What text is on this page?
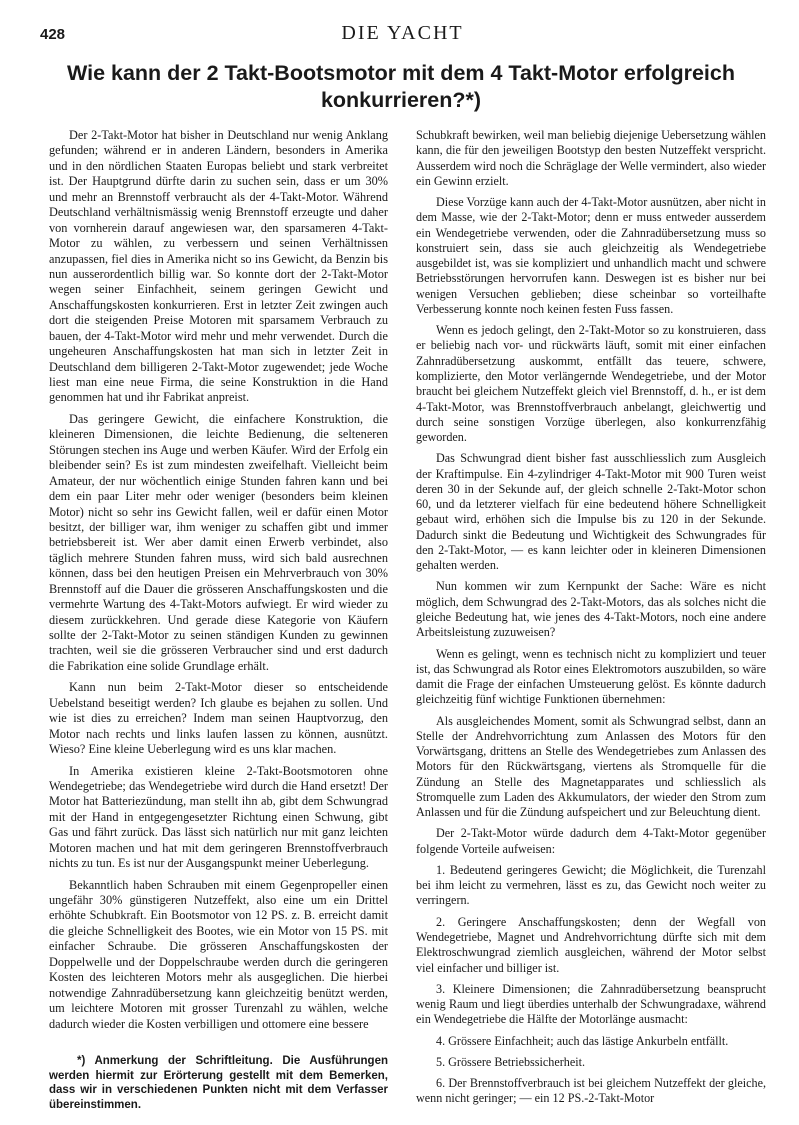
428	DIE YACHT
Wie kann der 2 Takt-Bootsmotor mit dem 4 Takt-Motor erfolgreich konkurrieren?*)

Der 2-Takt-Motor hat bisher in Deutschland nur wenig Anklang gefunden; während er in anderen Ländern, besonders in Amerika und in den nördlichen Staaten Europas beliebt und stark verbreitet ist. Der Hauptgrund dürfte darin zu suchen sein, dass er um 30% und mehr an Brennstoff verbraucht als der 4-Takt-Motor. Während Deutschland verhältnismässig wenig Brennstoff erzeugte und daher von vornherein darauf angewiesen war, den sparsameren 4-Takt-Motor zu wählen, zu verbessern und seinen Verhältnissen anzupassen, fiel dies in Amerika nicht so ins Gewicht, da Benzin bis nun ausserordentlich billig war. So konnte dort der 2-Takt-Motor wegen seiner Einfachheit, seinem geringen Gewicht und Anschaffungskosten konkurrieren. Erst in letzter Zeit zwingen auch dort die steigenden Preise Motoren mit sparsamem Verbrauch zu bauen, der 4-Takt-Motor wird mehr und mehr verwendet. Durch die ungeheuren Anschaffungskosten hat man sich in letzter Zeit in Deutschland dem billigeren 2-Takt-Motor zugewendet; jede Woche liest man eine neue Firma, die seine Konstruktion in die Hand genommen hat und ihr Fabrikat anpreist.

Das geringere Gewicht, die einfachere Konstruktion, die kleineren Dimensionen, die leichte Bedienung, die selteneren Störungen stechen ins Auge und werben Käufer. Wird der Erfolg ein bleibender sein? Es ist zum mindesten zweifelhaft. Vielleicht beim Amateur, der nur wöchentlich einige Stunden fahren kann und bei dem ein paar Liter mehr oder weniger (besonders beim kleinen Motor) nicht so sehr ins Gewicht fallen, weil er dafür einen Motor besitzt, der billiger war, ihm weniger zu schaffen gibt und immer betriebsbereit ist. Wer aber damit einen Erwerb verbindet, also täglich mehrere Stunden fahren muss, wird sich bald ausrechnen können, dass bei den heutigen Preisen ein Mehrverbrauch von 30% Brennstoff auf die Dauer die grösseren Anschaffungskosten und die vermehrte Wartung des 4-Takt-Motors aufwiegt. Er wird wieder zu diesem zurückkehren. Und gerade diese Kategorie von Käufern sollte der 2-Takt-Motor zu seinen ständigen Kunden zu gewinnen trachten, weil sie die grösseren Verbraucher sind und erst dadurch die Fabrikation eine solide Grundlage erhält.

Kann nun beim 2-Takt-Motor dieser so entscheidende Uebelstand beseitigt werden? Ich glaube es bejahen zu sollen. Und wie ist dies zu erreichen? Indem man seinen Hauptvorzug, den Motor nach rechts und links laufen lassen zu können, ausnützt. Wieso? Eine kleine Ueberlegung wird es uns klar machen.

In Amerika existieren kleine 2-Takt-Bootsmotoren ohne Wendegetriebe; das Wendegetriebe wird durch die Hand ersetzt! Der Motor hat Batteriezündung, man stellt ihn ab, gibt dem Schwungrad mit der Hand in entgegengesetzter Richtung einen Schwung, gibt Gas und fährt zurück. Das lässt sich natürlich nur mit ganz leichten Motoren machen und hat mit dem geringeren Brennstoffverbrauch nichts zu tun. Es ist nur der Ausgangspunkt meiner Ueberlegung.

Bekanntlich haben Schrauben mit einem Gegenpropeller einen ungefähr 30% günstigeren Nutzeffekt, also eine um ein Drittel erhöhte Schubkraft. Ein Bootsmotor von 12 PS. z. B. erreicht damit die gleiche Schnelligkeit des Bootes, wie ein Motor von 15 PS. mit einfacher Schraube. Die grösseren Anschaffungskosten der Doppelwelle und der Doppelschraube werden durch die geringeren Kosten des leichteren Motors mehr als ausgeglichen. Die hierbei notwendige Zahnradübersetzung kann gleichzeitig benützt werden, um leichtere Motoren mit grosser Turenzahl zu wählen, welche dadurch wieder die Kosten verbilligen und ottomere eine bessere

Schubkraft bewirken, weil man beliebig diejenige Uebersetzung wählen kann, die für den jeweiligen Bootstyp den besten Nutzeffekt verspricht. Ausserdem wird noch die Schräglage der Welle vermindert, also wieder ein Gewinn erzielt.

Diese Vorzüge kann auch der 4-Takt-Motor ausnützen, aber nicht in dem Masse, wie der 2-Takt-Motor; denn er muss entweder ausserdem ein Wendegetriebe verwenden, oder die Zahnradübersetzung muss so konstruiert sein, dass sie auch gleichzeitig als Wendegetriebe ausgebildet ist, was sie kompliziert und unhandlich macht und schwere Betriebsstörungen hervorrufen kann. Deswegen ist es bisher nur bei wenigen Versuchen geblieben; diese scheinbar so vorteilhafte Verbesserung konnte noch keinen festen Fuss fassen.

Wenn es jedoch gelingt, den 2-Takt-Motor so zu konstruieren, dass er beliebig nach vor- und rückwärts läuft, somit mit einer einfachen Zahnradübersetzung auskommt, entfällt das teuere, schwere, komplizierte, den Motor verlängernde Wendegetriebe, und der Motor braucht bei gleichem Nutzeffekt gleich viel Brennstoff, d. h., er ist dem 4-Takt-Motor, was Brennstoffverbrauch anbelangt, gleichwertig und durch seine sonstigen Vorzüge überlegen, also konkurrenzfähig geworden.

Das Schwungrad dient bisher fast ausschliesslich zum Ausgleich der Kraftimpulse. Ein 4-zylindriger 4-Takt-Motor mit 900 Turen weist deren 30 in der Sekunde auf, der gleich schnelle 2-Takt-Motor schon 60, und da letzterer vielfach für eine bedeutend höhere Schnelligkeit gebaut wird, erhöhen sich die Impulse bis zu 120 in der Sekunde. Dadurch sinkt die Bedeutung und Wichtigkeit des Schwungrades für den 2-Takt-Motor, — es kann leichter oder in kleineren Dimensionen gehalten werden.

Nun kommen wir zum Kernpunkt der Sache: Wäre es nicht möglich, dem Schwungrad des 2-Takt-Motors, das als solches nicht die gleiche Bedeutung hat, wie jenes des 4-Takt-Motors, noch eine andere Arbeitsleistung zuzuweisen?

Wenn es gelingt, wenn es technisch nicht zu kompliziert und teuer ist, das Schwungrad als Rotor eines Elektromotors auszubilden, so wäre damit die Frage der einfachen Umsteuerung gelöst. Es könnte dadurch gleichzeitig fünf wichtige Funktionen übernehmen:

Als ausgleichendes Moment, somit als Schwungrad selbst, dann an Stelle der Andrehvorrichtung zum Anlassen des Motors für den Vorwärtsgang, drittens an Stelle des Wendegetriebes zum Anlassen des Motors für den Rückwärtsgang, viertens als Stromquelle für die Zündung an Stelle des Magnetapparates und schliesslich als Stromquelle zum Laden des Akkumulators, der wieder den Strom zum Anlassen und für die Zündung aufspeichert und zur Beleuchtung dient.

Der 2-Takt-Motor würde dadurch dem 4-Takt-Motor gegenüber folgende Vorteile aufweisen:

1. Bedeutend geringeres Gewicht; die Möglichkeit, die Turenzahl bei ihm leicht zu vermehren, lässt es zu, das Gewicht noch weiter zu verringern.

2. Geringere Anschaffungskosten; denn der Wegfall von Wendegetriebe, Magnet und Andrehvorrichtung dürfte sich mit dem Elektroschwungrad ziemlich ausgleichen, während der Motor selbst viel einfacher und billiger ist.

3. Kleinere Dimensionen; die Zahnradübersetzung beansprucht wenig Raum und liegt überdies unterhalb der Schwungradaxe, während ein Wendegetriebe die Hälfte der Motorlänge ausmacht:

4. Grössere Einfachheit; auch das lästige Ankurbeln entfällt.

5. Grössere Betriebssicherheit.

6. Der Brennstoffverbrauch ist bei gleichem Nutzeffekt der gleiche, wenn nicht geringer; — ein 12 PS.-2-Takt-Motor

*) Anmerkung der Schriftleitung. Die Ausführungen werden hiermit zur Erörterung gestellt mit dem Bemerken, dass wir in verschiedenen Punkten nicht mit dem Verfasser übereinstimmen.
